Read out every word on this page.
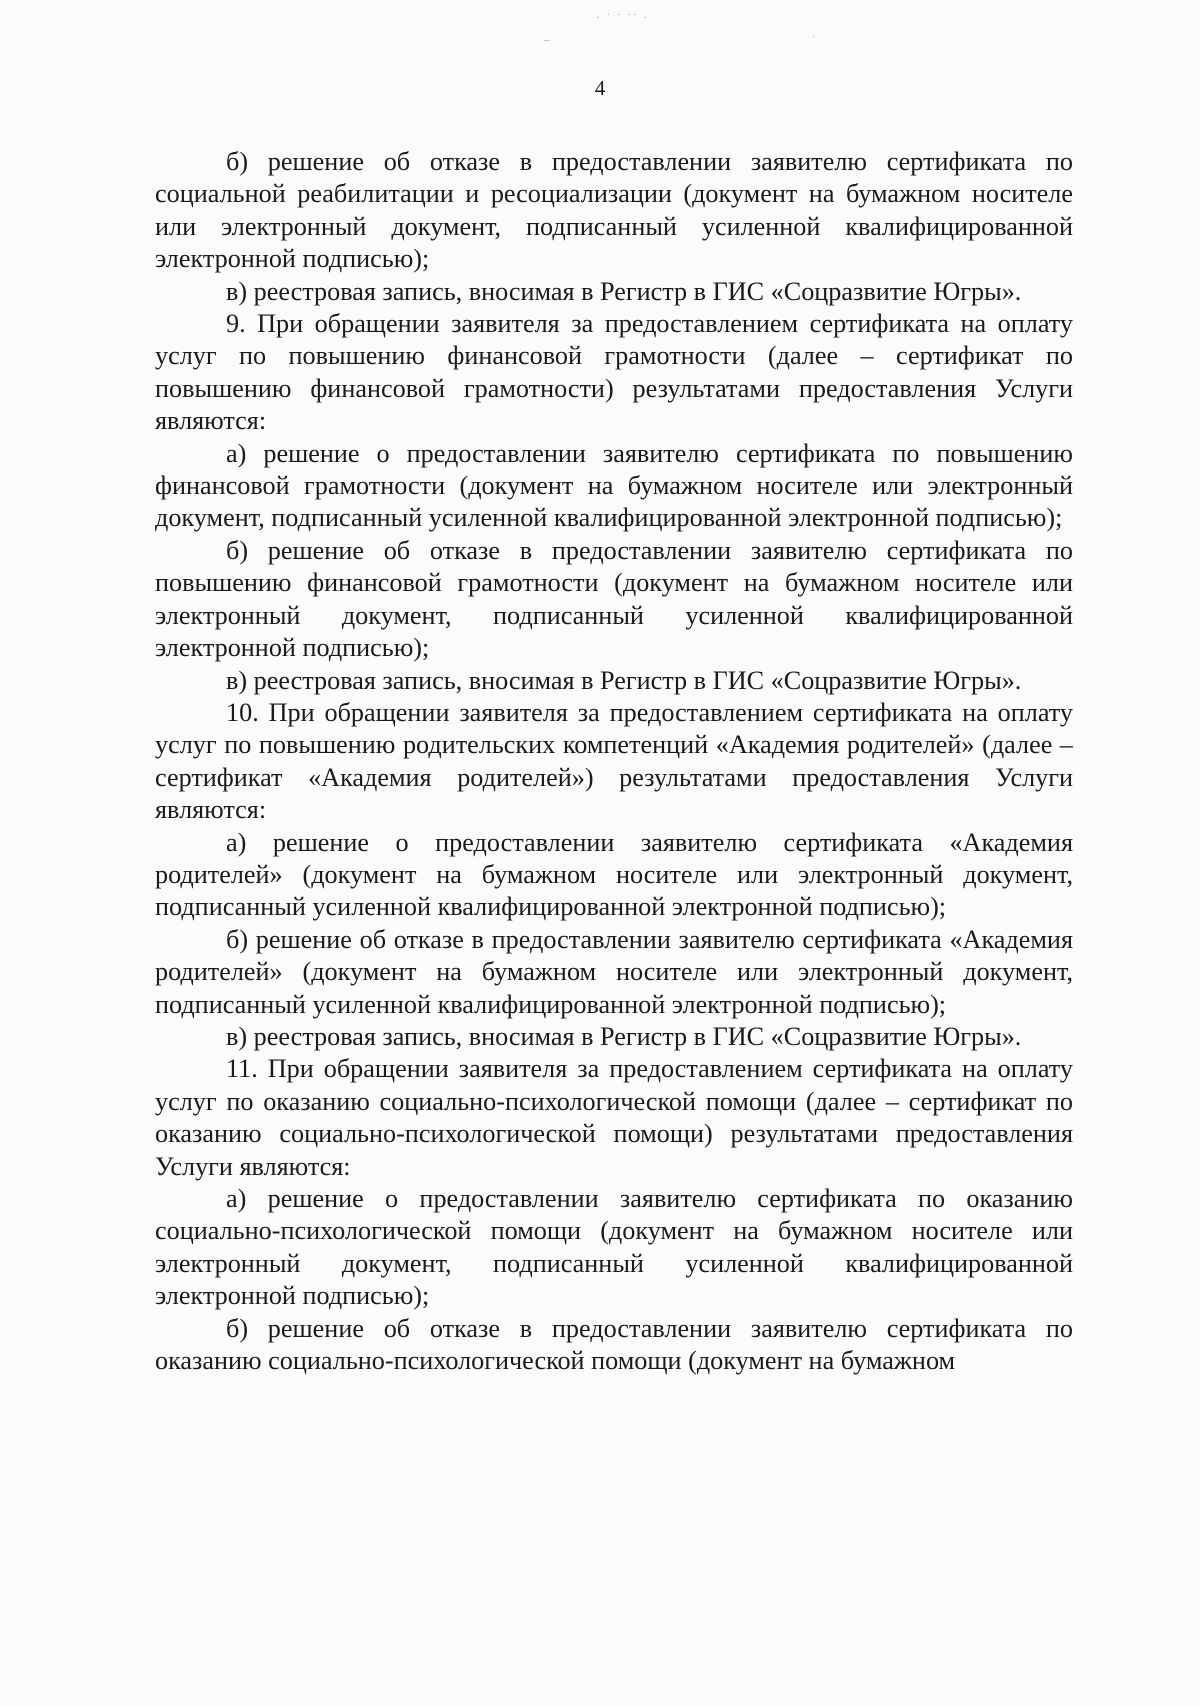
· ˙ ˙ ˙˙ ·
–
ˌ
4

б) решение об отказе в предоставлении заявителю сертификата по социальной реабилитации и ресоциализации (документ на бумажном носителе или электронный документ, подписанный усиленной квалифицированной электронной подписью);

в) реестровая запись, вносимая в Регистр в ГИС «Соцразвитие Югры».

9. При обращении заявителя за предоставлением сертификата на оплату услуг по повышению финансовой грамотности (далее – сертификат по повышению финансовой грамотности) результатами предоставления Услуги являются:

а) решение о предоставлении заявителю сертификата по повышению финансовой грамотности (документ на бумажном носителе или электронный документ, подписанный усиленной квалифицированной электронной подписью);

б) решение об отказе в предоставлении заявителю сертификата по повышению финансовой грамотности (документ на бумажном носителе или электронный документ, подписанный усиленной квалифицированной электронной подписью);

в) реестровая запись, вносимая в Регистр в ГИС «Соцразвитие Югры».

10. При обращении заявителя за предоставлением сертификата на оплату услуг по повышению родительских компетенций «Академия родителей» (далее – сертификат «Академия родителей») результатами предоставления Услуги являются:

а) решение о предоставлении заявителю сертификата «Академия родителей» (документ на бумажном носителе или электронный документ, подписанный усиленной квалифицированной электронной подписью);

б) решение об отказе в предоставлении заявителю сертификата «Академия родителей» (документ на бумажном носителе или электронный документ, подписанный усиленной квалифицированной электронной подписью);

в) реестровая запись, вносимая в Регистр в ГИС «Соцразвитие Югры».

11. При обращении заявителя за предоставлением сертификата на оплату услуг по оказанию социально-психологической помощи (далее – сертификат по оказанию социально-психологической помощи) результатами предоставления Услуги являются:

а) решение о предоставлении заявителю сертификата по оказанию социально-психологической помощи (документ на бумажном носителе или электронный документ, подписанный усиленной квалифицированной электронной подписью);

б) решение об отказе в предоставлении заявителю сертификата по оказанию социально-психологической помощи (документ на бумажном
